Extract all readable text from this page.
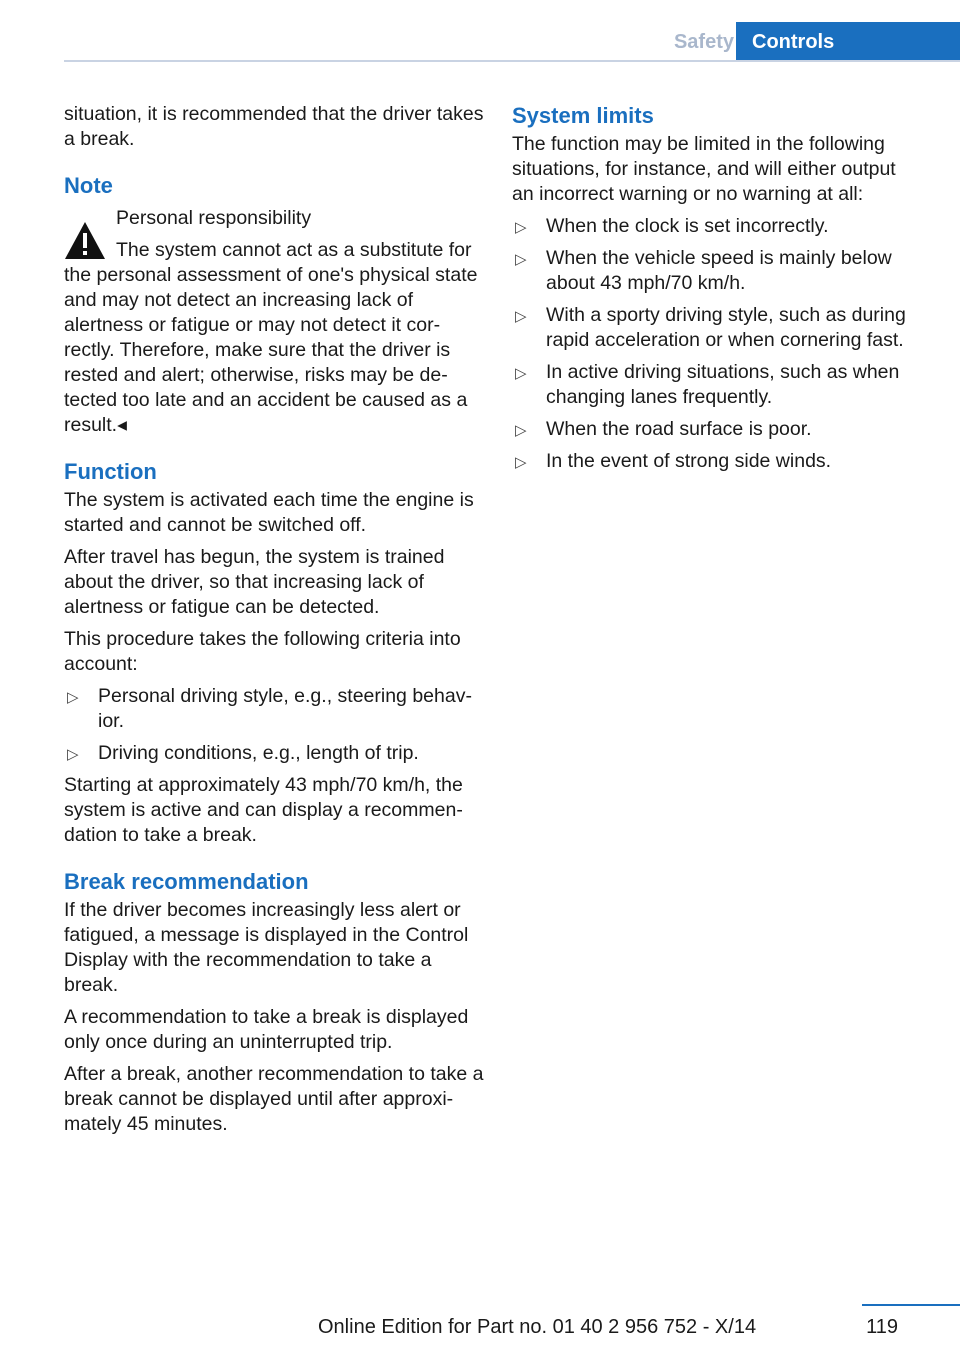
Safety Controls

situation, it is recommended that the driver takes a break.

Note
Personal responsibility
The system cannot act as a substitute for
the personal assessment of one's physical state and may not detect an increasing lack of alertness or fatigue or may not detect it correctly. Therefore, make sure that the driver is rested and alert; otherwise, risks may be detected too late and an accident be caused as a result.◂
Function

The system is activated each time the engine is started and cannot be switched off.

After travel has begun, the system is trained about the driver, so that increasing lack of alertness or fatigue can be detected.

This procedure takes the following criteria into account:

▷ Personal driving style, e.g., steering behavior.
▷ Driving conditions, e.g., length of trip.

Starting at approximately 43 mph/70 km/h, the system is active and can display a recommendation to take a break.

Break recommendation

If the driver becomes increasingly less alert or fatigued, a message is displayed in the Control Display with the recommendation to take a break.

A recommendation to take a break is displayed only once during an uninterrupted trip.

After a break, another recommendation to take a break cannot be displayed until after approximately 45 minutes.

System limits

The function may be limited in the following situations, for instance, and will either output an incorrect warning or no warning at all:

▷ When the clock is set incorrectly.
▷ When the vehicle speed is mainly below about 43 mph/70 km/h.
▷ With a sporty driving style, such as during rapid acceleration or when cornering fast.
▷ In active driving situations, such as when changing lanes frequently.
▷ When the road surface is poor.
▷ In the event of strong side winds.
119
Online Edition for Part no. 01 40 2 956 752 - X/14
